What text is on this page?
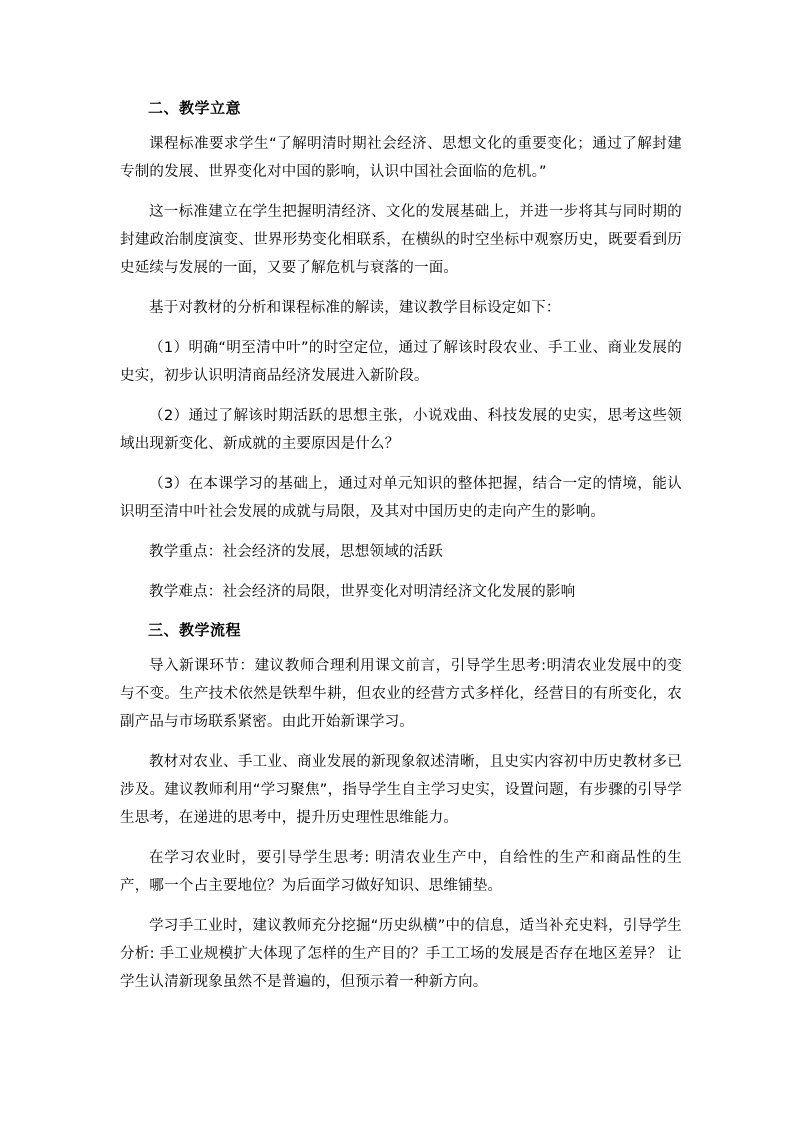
二、教学立意

课程标准要求学生“了解明清时期社会经济、思想文化的重要变化；通过了解封建专制的发展、世界变化对中国的影响，认识中国社会面临的危机。”

这一标准建立在学生把握明清经济、文化的发展基础上，并进一步将其与同时期的封建政治制度演变、世界形势变化相联系，在横纵的时空坐标中观察历史，既要看到历史延续与发展的一面，又要了解危机与衰落的一面。

基于对教材的分析和课程标准的解读，建议教学目标设定如下：

（1）明确“明至清中叶”的时空定位，通过了解该时段农业、手工业、商业发展的史实，初步认识明清商品经济发展进入新阶段。

（2）通过了解该时期活跃的思想主张，小说戏曲、科技发展的史实，思考这些领域出现新变化、新成就的主要原因是什么？

（3）在本课学习的基础上，通过对单元知识的整体把握，结合一定的情境，能认识明至清中叶社会发展的成就与局限，及其对中国历史的走向产生的影响。

教学重点：社会经济的发展，思想领域的活跃

教学难点：社会经济的局限，世界变化对明清经济文化发展的影响

三、教学流程

导入新课环节：建议教师合理利用课文前言，引导学生思考:明清农业发展中的变与不变。生产技术依然是铁犁牛耕，但农业的经营方式多样化，经营目的有所变化，农副产品与市场联系紧密。由此开始新课学习。

教材对农业、手工业、商业发展的新现象叙述清晰，且史实内容初中历史教材多已涉及。建议教师利用“学习聚焦”，指导学生自主学习史实，设置问题，有步骤的引导学生思考，在递进的思考中，提升历史理性思维能力。

在学习农业时，要引导学生思考: 明清农业生产中，自给性的生产和商品性的生产，哪一个占主要地位？为后面学习做好知识、思维铺垫。

学习手工业时，建议教师充分挖掘“历史纵横”中的信息，适当补充史料，引导学生分析: 手工业规模扩大体现了怎样的生产目的？手工工场的发展是否存在地区差异？ 让学生认清新现象虽然不是普遍的，但预示着一种新方向。
